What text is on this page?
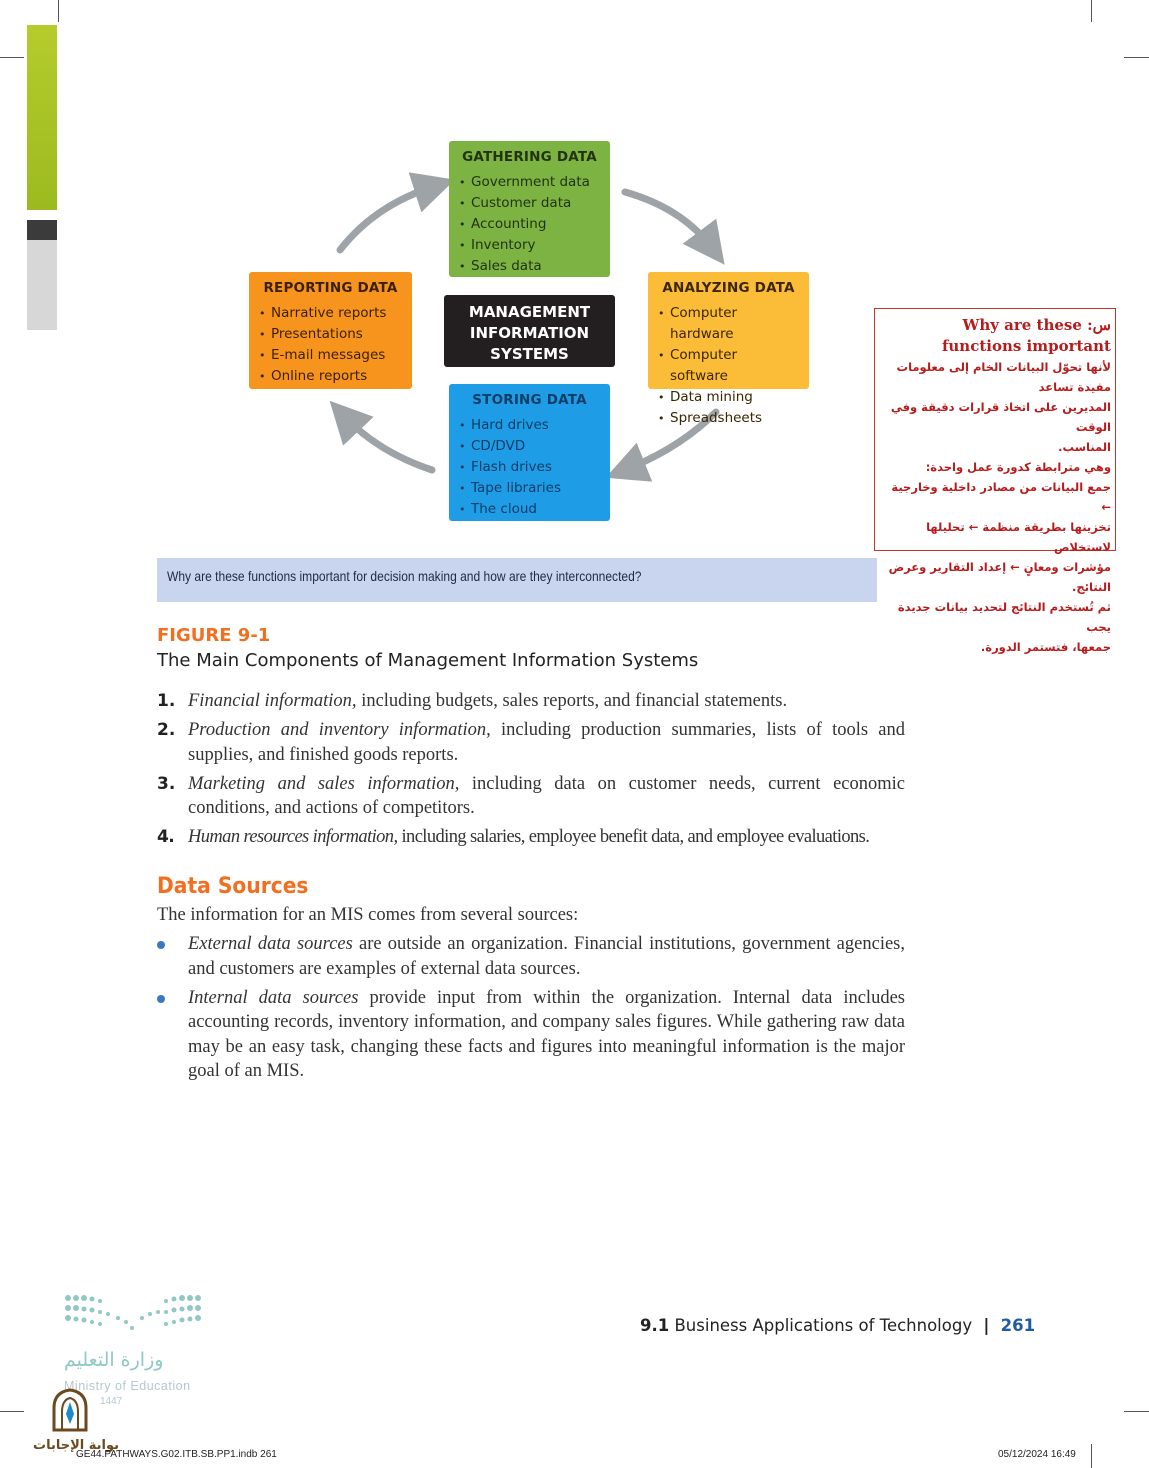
GATHERING DATA
• Government data
• Customer data
• Accounting
• Inventory
• Sales data
REPORTING DATA
• Narrative reports
• Presentations
• E-mail messages
• Online reports
MANAGEMENT
INFORMATION
SYSTEMS
ANALYZING DATA
• Computer hardware
• Computer software
• Data mining
• Spreadsheets
STORING DATA
• Hard drives
• CD/DVD
• Flash drives
• Tape libraries
• The cloud
Why are these functions important for decision making and how are they interconnected?
س: Why are these functions important
لأنها تحوّل البيانات الخام إلى معلومات مفيدة تساعد
المديرين على اتخاذ قرارات دقيقة وفي الوقت
المناسب.
وهي مترابطة كدورة عمل واحدة:
جمع البيانات من مصادر داخلية وخارجية ←
تخزينها بطريقة منظمة ← تحليلها لاستخلاص
مؤشرات ومعانٍ ← إعداد التقارير وعرض النتائج.
ثم تُستخدم النتائج لتحديد بيانات جديدة يجب
جمعها، فتستمر الدورة.
FIGURE 9-1
The Main Components of Management Information Systems
1. Financial information, including budgets, sales reports, and financial statements.
2. Production and inventory information, including production summaries, lists of tools and supplies, and finished goods reports.
3. Marketing and sales information, including data on customer needs, current economic conditions, and actions of competitors.
4. Human resources information, including salaries, employee benefit data, and employee evaluations.
Data Sources
The information for an MIS comes from several sources:
External data sources are outside an organization. Financial institutions, government agencies, and customers are examples of external data sources.
Internal data sources provide input from within the organization. Internal data includes accounting records, inventory information, and company sales figures. While gathering raw data may be an easy task, changing these facts and figures into meaningful information is the major goal of an MIS.
9.1 Business Applications of Technology | 261
وزارة التعليم
Ministry of Education
1447
بوابة الإجابات
GE44.PATHWAYS.G02.ITB.SB.PP1.indb 261	05/12/2024 16:49
